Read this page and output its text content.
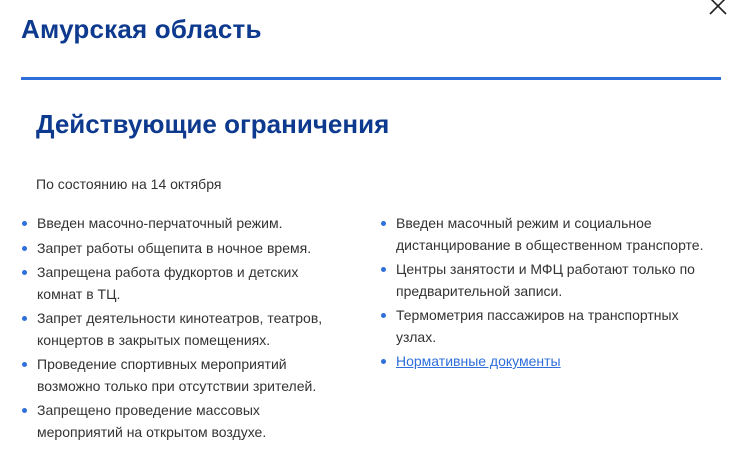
Амурская область
Действующие ограничения
По состоянию на 14 октября
Введен масочно-перчаточный режим.
Запрет работы общепита в ночное время.
Запрещена работа фудкортов и детских комнат в ТЦ.
Запрет деятельности кинотеатров, театров, концертов в закрытых помещениях.
Проведение спортивных мероприятий возможно только при отсутствии зрителей.
Запрещено проведение массовых мероприятий на открытом воздухе.
Введен масочный режим и социальное дистанцирование в общественном транспорте.
Центры занятости и МФЦ работают только по предварительной записи.
Термометрия пассажиров на транспортных узлах.
Нормативные документы
